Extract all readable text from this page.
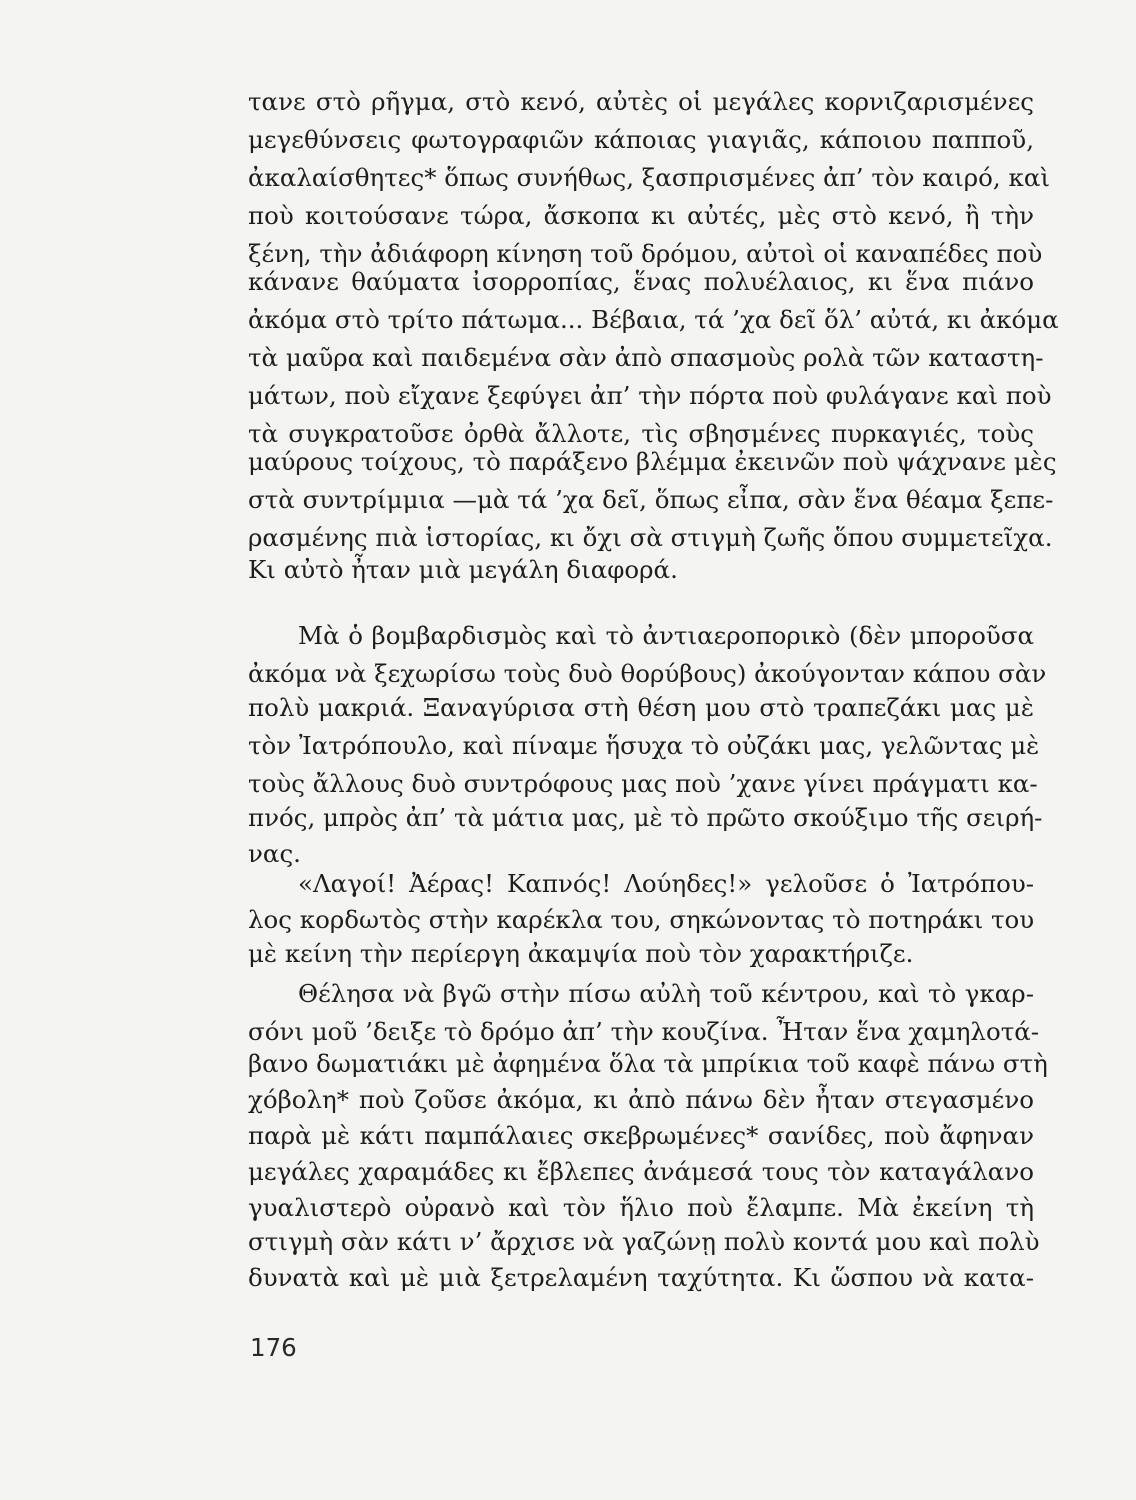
τανε στὸ ρῆγμα, στὸ κενό, αὐτὲς οἱ μεγάλες κορνιζαρισμένες
μεγεθύνσεις φωτογραφιῶν κάποιας γιαγιᾶς, κάποιου παπποῦ,
ἀκαλαίσθητες* ὅπως συνήθως, ξασπρισμένες ἀπ’ τὸν καιρό, καὶ
ποὺ κοιτούσανε τώρα, ἄσκοπα κι αὐτές, μὲς στὸ κενό, ἢ τὴν
ξένη, τὴν ἀδιάφορη κίνηση τοῦ δρόμου, αὐτοὶ οἱ καναπέδες ποὺ
κάνανε θαύματα ἰσορροπίας, ἕνας πολυέλαιος, κι ἕνα πιάνο
ἀκόμα στὸ τρίτο πάτωμα... Βέβαια, τά ’χα δεῖ ὅλ’ αὐτά, κι ἀκόμα
τὰ μαῦρα καὶ παιδεμένα σὰν ἀπὸ σπασμοὺς ρολὰ τῶν καταστη-
μάτων, ποὺ εἴχανε ξεφύγει ἀπ’ τὴν πόρτα ποὺ φυλάγανε καὶ ποὺ
τὰ συγκρατοῦσε ὀρθὰ ἄλλοτε, τὶς σβησμένες πυρκαγιές, τοὺς
μαύρους τοίχους, τὸ παράξενο βλέμμα ἐκεινῶν ποὺ ψάχνανε μὲς
στὰ συντρίμμια —μὰ τά ’χα δεῖ, ὅπως εἶπα, σὰν ἕνα θέαμα ξεπε-
ρασμένης πιὰ ἱστορίας, κι ὄχι σὰ στιγμὴ ζωῆς ὅπου συμμετεῖχα.
Κι αὐτὸ ἦταν μιὰ μεγάλη διαφορά.
Μὰ ὁ βομβαρδισμὸς καὶ τὸ ἀντιαεροπορικὸ (δὲν μποροῦσα
ἀκόμα νὰ ξεχωρίσω τοὺς δυὸ θορύβους) ἀκούγονταν κάπου σὰν
πολὺ μακριά. Ξαναγύρισα στὴ θέση μου στὸ τραπεζάκι μας μὲ
τὸν Ἰατρόπουλο, καὶ πίναμε ἥσυχα τὸ οὐζάκι μας, γελῶντας μὲ
τοὺς ἄλλους δυὸ συντρόφους μας ποὺ ’χανε γίνει πράγματι κα-
πνός, μπρὸς ἀπ’ τὰ μάτια μας, μὲ τὸ πρῶτο σκούξιμο τῆς σειρή-
νας.
«Λαγοί! Ἀέρας! Καπνός! Λούηδες!» γελοῦσε ὁ Ἰατρόπου-
λος κορδωτὸς στὴν καρέκλα του, σηκώνοντας τὸ ποτηράκι του
μὲ κείνη τὴν περίεργη ἀκαμψία ποὺ τὸν χαρακτήριζε.
Θέλησα νὰ βγῶ στὴν πίσω αὐλὴ τοῦ κέντρου, καὶ τὸ γκαρ-
σόνι μοῦ ’δειξε τὸ δρόμο ἀπ’ τὴν κουζίνα. Ἦταν ἕνα χαμηλοτά-
βανο δωματιάκι μὲ ἀφημένα ὅλα τὰ μπρίκια τοῦ καφὲ πάνω στὴ
χόβολη* ποὺ ζοῦσε ἀκόμα, κι ἀπὸ πάνω δὲν ἦταν στεγασμένο
παρὰ μὲ κάτι παμπάλαιες σκεβρωμένες* σανίδες, ποὺ ἄφηναν
μεγάλες χαραμάδες κι ἔβλεπες ἀνάμεσά τους τὸν καταγάλανο
γυαλιστερὸ οὐρανὸ καὶ τὸν ἥλιο ποὺ ἔλαμπε. Μὰ ἐκείνη τὴ
στιγμὴ σὰν κάτι ν’ ἄρχισε νὰ γαζώνῃ πολὺ κοντά μου καὶ πολὺ
δυνατὰ καὶ μὲ μιὰ ξετρελαμένη ταχύτητα. Κι ὥσπου νὰ κατα-
176
